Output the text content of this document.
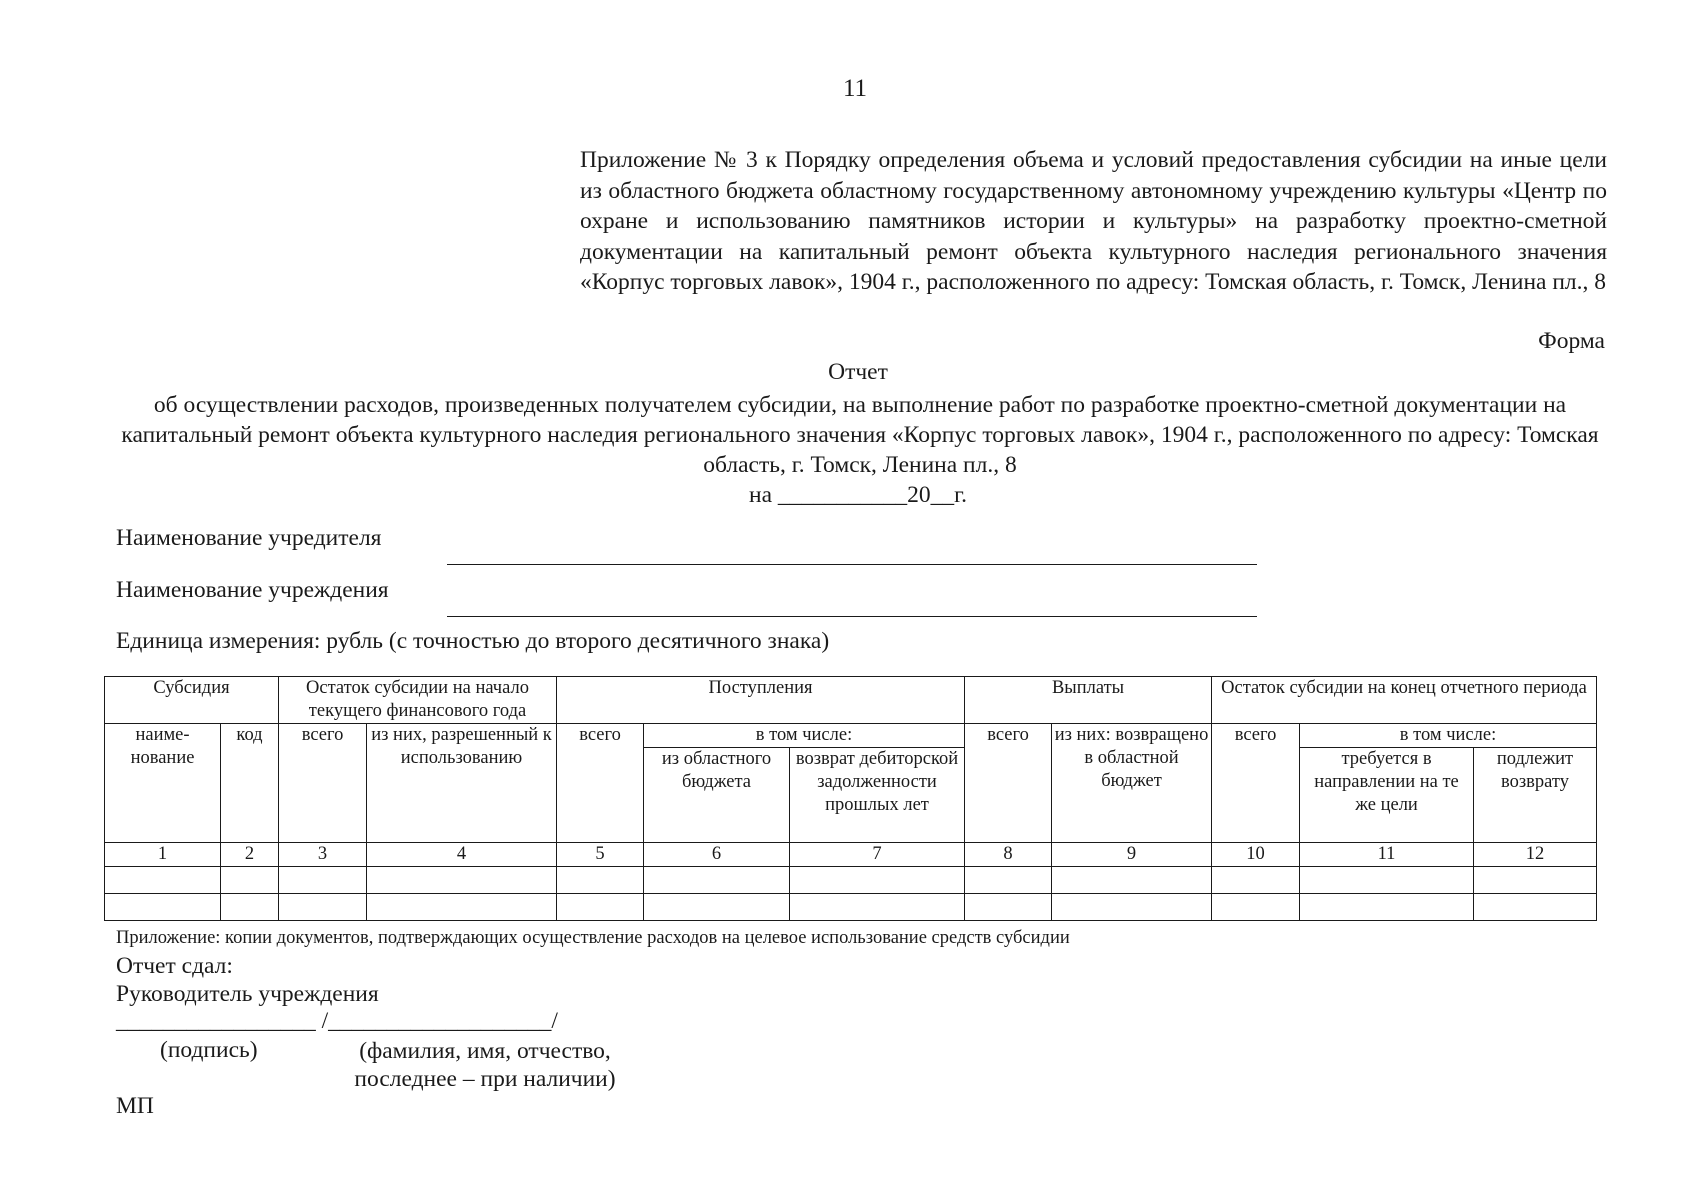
11
Приложение № 3 к Порядку определения объема и условий предоставления субсидии на иные цели из областного бюджета областному государственному автономному учреждению культуры «Центр по охране и использованию памятников истории и культуры» на разработку проектно-сметной документации на капитальный ремонт объекта культурного наследия регионального значения «Корпус торговых лавок», 1904 г., расположенного по адресу: Томская область, г. Томск, Ленина пл., 8
Форма
Отчет
об осуществлении расходов, произведенных получателем субсидии, на выполнение работ по разработке проектно-сметной документации на капитальный ремонт объекта культурного наследия регионального значения «Корпус торговых лавок», 1904 г., расположенного по адресу: Томская область, г. Томск, Ленина пл., 8
на ___________20__г.
Наименование учредителя
Наименование учреждения
Единица измерения: рубль (с точностью до второго десятичного знака)
Субсидия		Остаток субсидии на начало текущего финансового года		Поступления			Выплаты		Остаток субсидии на конец отчетного периода		
наиме-нование	код	всего	из них, разрешенный к использованию	всего	в том числе:		всего	из них: возвращено в областной бюджет	всего	в том числе:	
					из областного бюджета	возврат дебиторской задолженности прошлых лет				требуется в направлении на те же цели	подлежит возврату
1	2	3	4	5	6	7	8	9	10	11	12

Приложение: копии документов, подтверждающих осуществление расходов на целевое использование средств субсидии
Отчет сдал:
Руководитель учреждения
_________________ /___________________/
(подпись)	(фамилия, имя, отчество, последнее – при наличии)
МП
